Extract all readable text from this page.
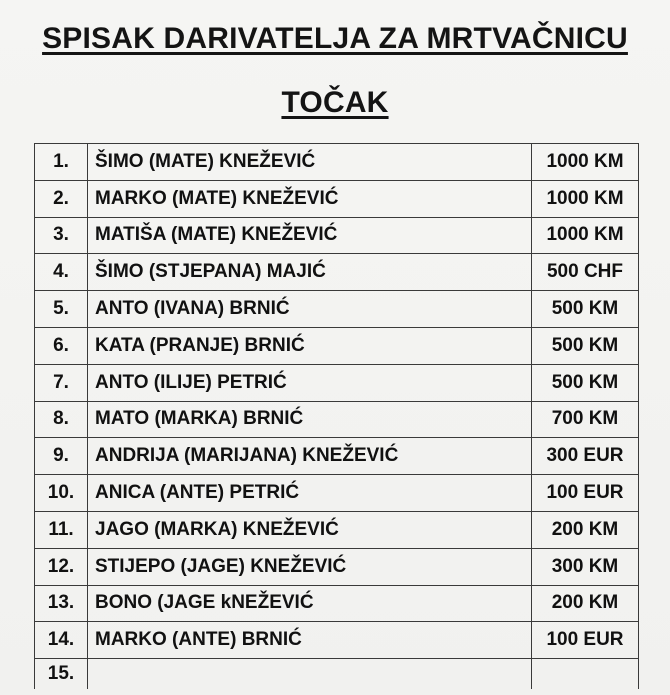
SPISAK DARIVATELJA ZA MRTVAČNICU
TOČAK
1.	ŠIMO (MATE) KNEŽEVIĆ	1000 KM
2.	MARKO (MATE) KNEŽEVIĆ	1000 KM
3.	MATIŠA (MATE) KNEŽEVIĆ	1000 KM
4.	ŠIMO (STJEPANA) MAJIĆ	500 CHF
5.	ANTO (IVANA) BRNIĆ	500 KM
6.	KATA (PRANJE) BRNIĆ	500 KM
7.	ANTO (ILIJE) PETRIĆ	500 KM
8.	MATO (MARKA) BRNIĆ	700 KM
9.	ANDRIJA (MARIJANA) KNEŽEVIĆ	300 EUR
10.	ANICA (ANTE) PETRIĆ	100 EUR
11.	JAGO (MARKA) KNEŽEVIĆ	200 KM
12.	STIJEPO (JAGE) KNEŽEVIĆ	300 KM
13.	BONO (JAGE kNEŽEVIĆ	200 KM
14.	MARKO (ANTE) BRNIĆ	100 EUR
15.		
